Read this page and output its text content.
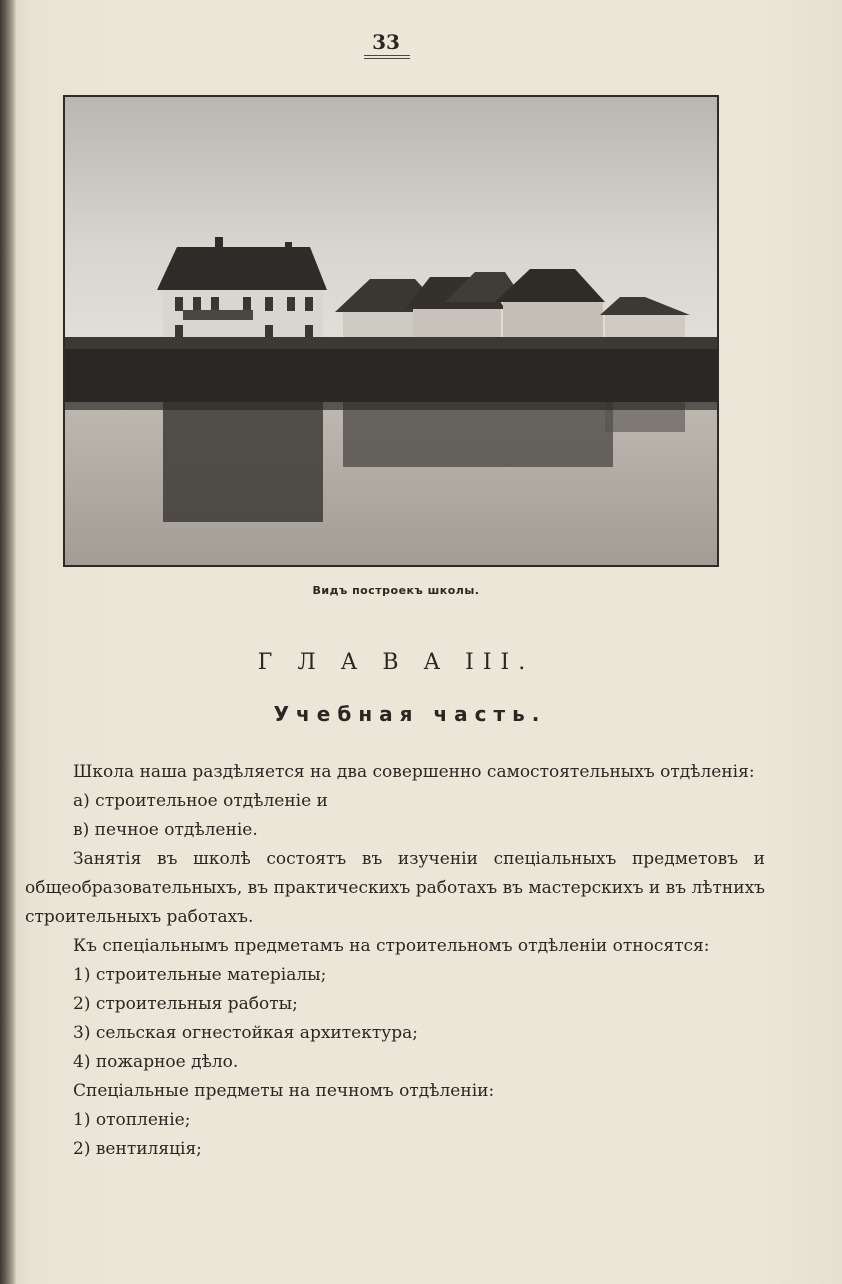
33
Видъ построекъ школы.
Г Л А В А III.
Учебная часть.

Школа наша раздѣляется на два совершенно самостоятельныхъ отдѣленія:

а) строительное отдѣленіе и

в) печное отдѣленіе.

Занятія въ школѣ состоятъ въ изученіи спеціальныхъ предметовъ и общеобразовательныхъ, въ практическихъ работахъ въ мастерскихъ и въ лѣтнихъ строительныхъ работахъ.

Къ спеціальнымъ предметамъ на строительномъ отдѣленіи относятся:

1) строительные матеріалы;

2) строительныя работы;

3) сельская огнестойкая архитектура;

4) пожарное дѣло.

Спеціальные предметы на печномъ отдѣленіи:

1) отопленіе;

2) вентиляція;
